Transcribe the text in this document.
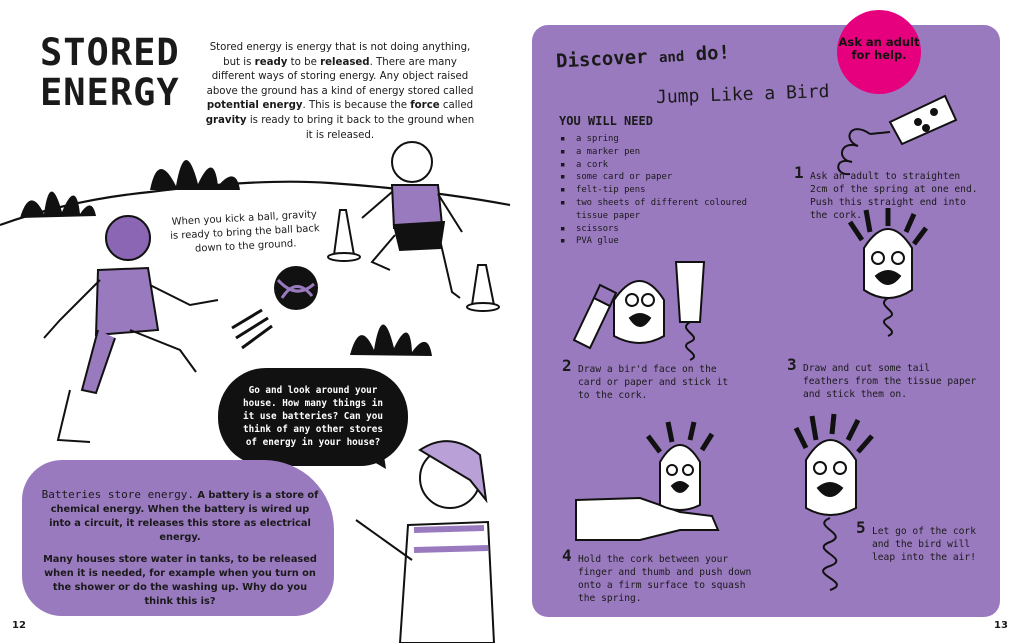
STORED
ENERGY
Stored energy is energy that is not doing anything, but is ready to be released. There are many different ways of storing energy. Any object raised above the ground has a kind of energy stored called potential energy. This is because the force called gravity is ready to bring it back to the ground when it is released.
When you kick a ball, gravity is ready to bring the ball back down to the ground.
Go and look around your house. How many things in it use batteries? Can you think of any other stores of energy in your house?

Batteries store energy. A battery is a store of chemical energy. When the battery is wired up into a circuit, it releases this store as electrical energy.

Many houses store water in tanks, to be released when it is needed, for example when you turn on the shower or do the washing up. Why do you think this is?

12
Ask an adult for help.
Discover and do!
Jump Like a Bird
YOU WILL NEED
▪ a spring
▪ a marker pen
▪ a cork
▪ some card or paper
▪ felt-tip pens
▪ two sheets of different coloured tissue paper
▪ scissors
▪ PVA glue
1 Ask an adult to straighten 2cm of the spring at one end. Push this straight end into the cork.
2 Draw a bir'd face on the card or paper and stick it to the cork.
3 Draw and cut some tail feathers from the tissue paper and stick them on.
4 Hold the cork between your finger and thumb and push down onto a firm surface to squash the spring.
5 Let go of the cork and the bird will leap into the air!
13
